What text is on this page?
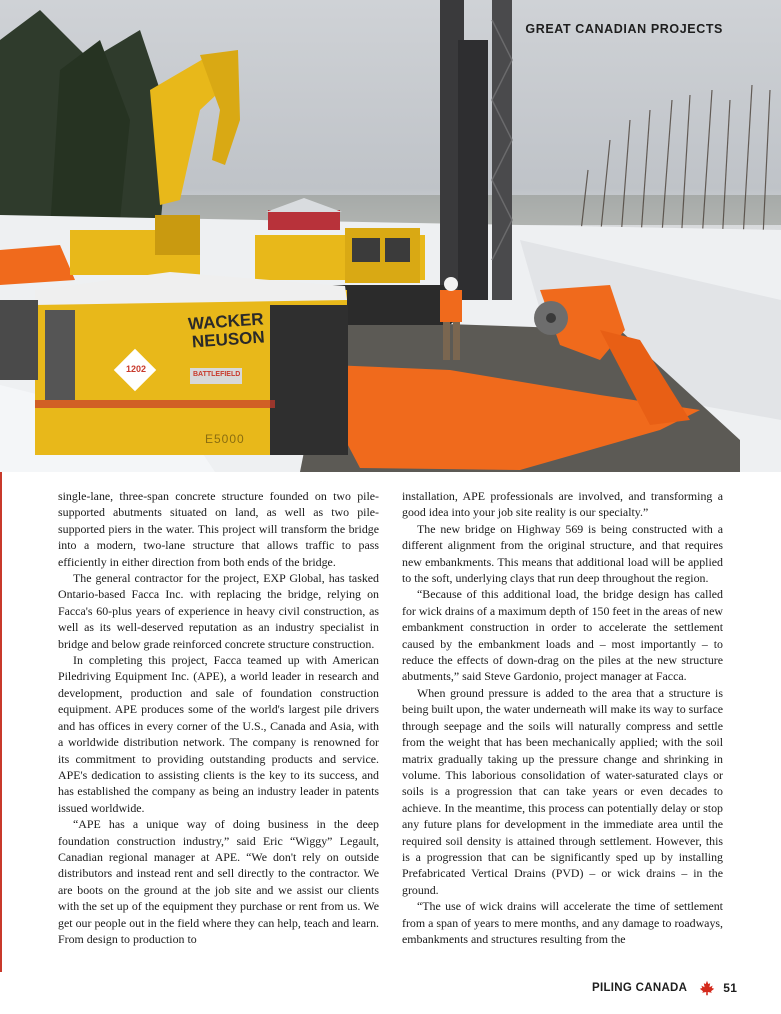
WACKER
NEUSON
1202
BATTLEFIELD
E5000
GREAT CANADIAN PROJECTS

single-lane, three-span concrete structure founded on two pile-supported abutments situated on land, as well as two pile-supported piers in the water. This project will transform the bridge into a modern, two-lane structure that allows traffic to pass efficiently in either direction from both ends of the bridge.

The general contractor for the project, EXP Global, has tasked Ontario-based Facca Inc. with replacing the bridge, relying on Facca's 60-plus years of experience in heavy civil construction, as well as its well-deserved reputation as an industry specialist in bridge and below grade reinforced concrete structure construction.

In completing this project, Facca teamed up with American Piledriving Equipment Inc. (APE), a world leader in research and development, production and sale of foundation construction equipment. APE produces some of the world's largest pile drivers and has offices in every corner of the U.S., Canada and Asia, with a worldwide distribution network. The company is renowned for its commitment to providing outstanding products and service. APE's dedication to assisting clients is the key to its success, and has established the company as being an industry leader in patents issued worldwide.

“APE has a unique way of doing business in the deep foundation construction industry,” said Eric “Wiggy” Legault, Canadian regional manager at APE. “We don't rely on outside distributors and instead rent and sell directly to the contractor. We are boots on the ground at the job site and we assist our clients with the set up of the equipment they purchase or rent from us. We get our people out in the field where they can help, teach and learn. From design to production to

installation, APE professionals are involved, and transforming a good idea into your job site reality is our specialty.”

The new bridge on Highway 569 is being constructed with a different alignment from the original structure, and that requires new embankments. This means that additional load will be applied to the soft, underlying clays that run deep throughout the region.

“Because of this additional load, the bridge design has called for wick drains of a maximum depth of 150 feet in the areas of new embankment construction in order to accelerate the settlement caused by the embankment loads and – most importantly – to reduce the effects of down-drag on the piles at the new structure abutments,” said Steve Gardonio, project manager at Facca.

When ground pressure is added to the area that a structure is being built upon, the water underneath will make its way to surface through seepage and the soils will naturally compress and settle from the weight that has been mechanically applied; with the soil matrix gradually taking up the pressure change and shrinking in volume. This laborious consolidation of water-saturated clays or soils is a progression that can take years or even decades to achieve. In the meantime, this process can potentially delay or stop any future plans for development in the immediate area until the required soil density is attained through settlement. However, this is a progression that can be significantly sped up by installing Prefabricated Vertical Drains (PVD) – or wick drains – in the ground.

“The use of wick drains will accelerate the time of settlement from a span of years to mere months, and any damage to roadways, embankments and structures resulting from the

PILING CANADA	51
